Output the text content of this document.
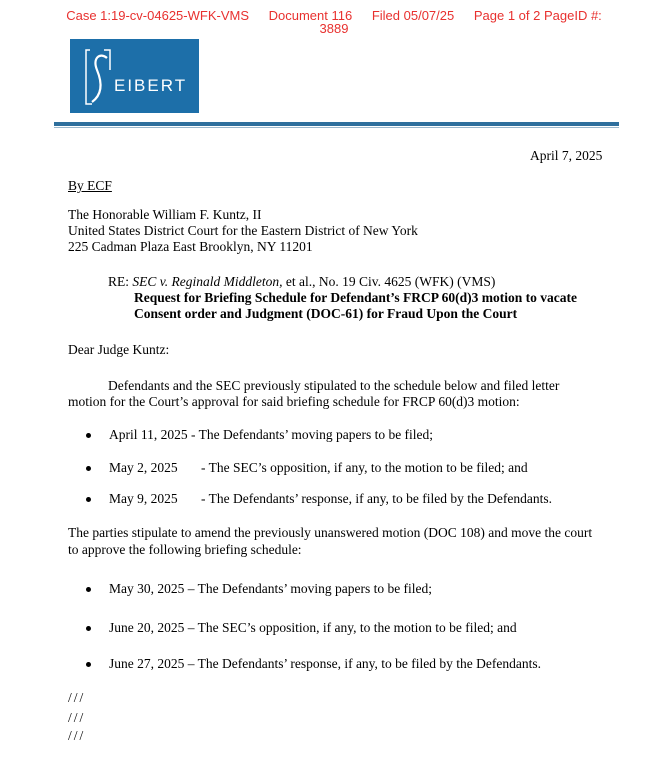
Case 1:19-cv-04625-WFK-VMS Document 116 Filed 05/07/25 Page 1 of 2 PageID #:
3889
EIBERT
April 7, 2025
By ECF
The Honorable William F. Kuntz, II
United States District Court for the Eastern District of New York
225 Cadman Plaza East Brooklyn, NY 11201
RE: SEC v. Reginald Middleton, et al., No. 19 Civ. 4625 (WFK) (VMS)
Request for Briefing Schedule for Defendant’s FRCP 60(d)3 motion to vacate
Consent order and Judgment (DOC-61) for Fraud Upon the Court
Dear Judge Kuntz:
Defendants and the SEC previously stipulated to the schedule below and filed letter
motion for the Court’s approval for said briefing schedule for FRCP 60(d)3 motion:
April 11, 2025 - The Defendants’ moving papers to be filed;
May 2, 2025 - The SEC’s opposition, if any, to the motion to be filed; and
May 9, 2025 - The Defendants’ response, if any, to be filed by the Defendants.
The parties stipulate to amend the previously unanswered motion (DOC 108) and move the court
to approve the following briefing schedule:
May 30, 2025 – The Defendants’ moving papers to be filed;
June 20, 2025 – The SEC’s opposition, if any, to the motion to be filed; and
June 27, 2025 – The Defendants’ response, if any, to be filed by the Defendants.
///
///
///
